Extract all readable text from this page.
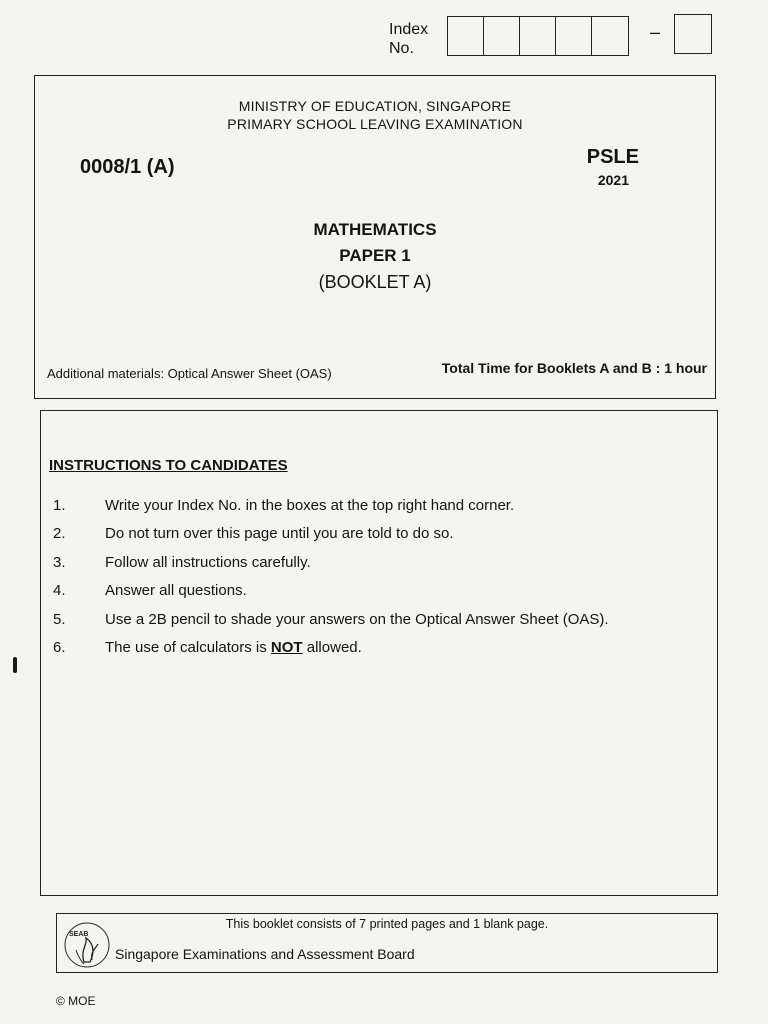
Index
No.
–
MINISTRY OF EDUCATION, SINGAPORE
PRIMARY SCHOOL LEAVING EXAMINATION
0008/1 (A)	PSLE
2021
MATHEMATICS
PAPER 1
(BOOKLET A)
Additional materials: Optical Answer Sheet (OAS)	Total Time for Booklets A and B : 1 hour
INSTRUCTIONS TO CANDIDATES
1.	Write your Index No. in the boxes at the top right hand corner.
2.	Do not turn over this page until you are told to do so.
3.	Follow all instructions carefully.
4.	Answer all questions.
5.	Use a 2B pencil to shade your answers on the Optical Answer Sheet (OAS).
6.	The use of calculators is NOT allowed.
This booklet consists of 7 printed pages and 1 blank page.
SEAB
Singapore Examinations and Assessment Board
© MOE
